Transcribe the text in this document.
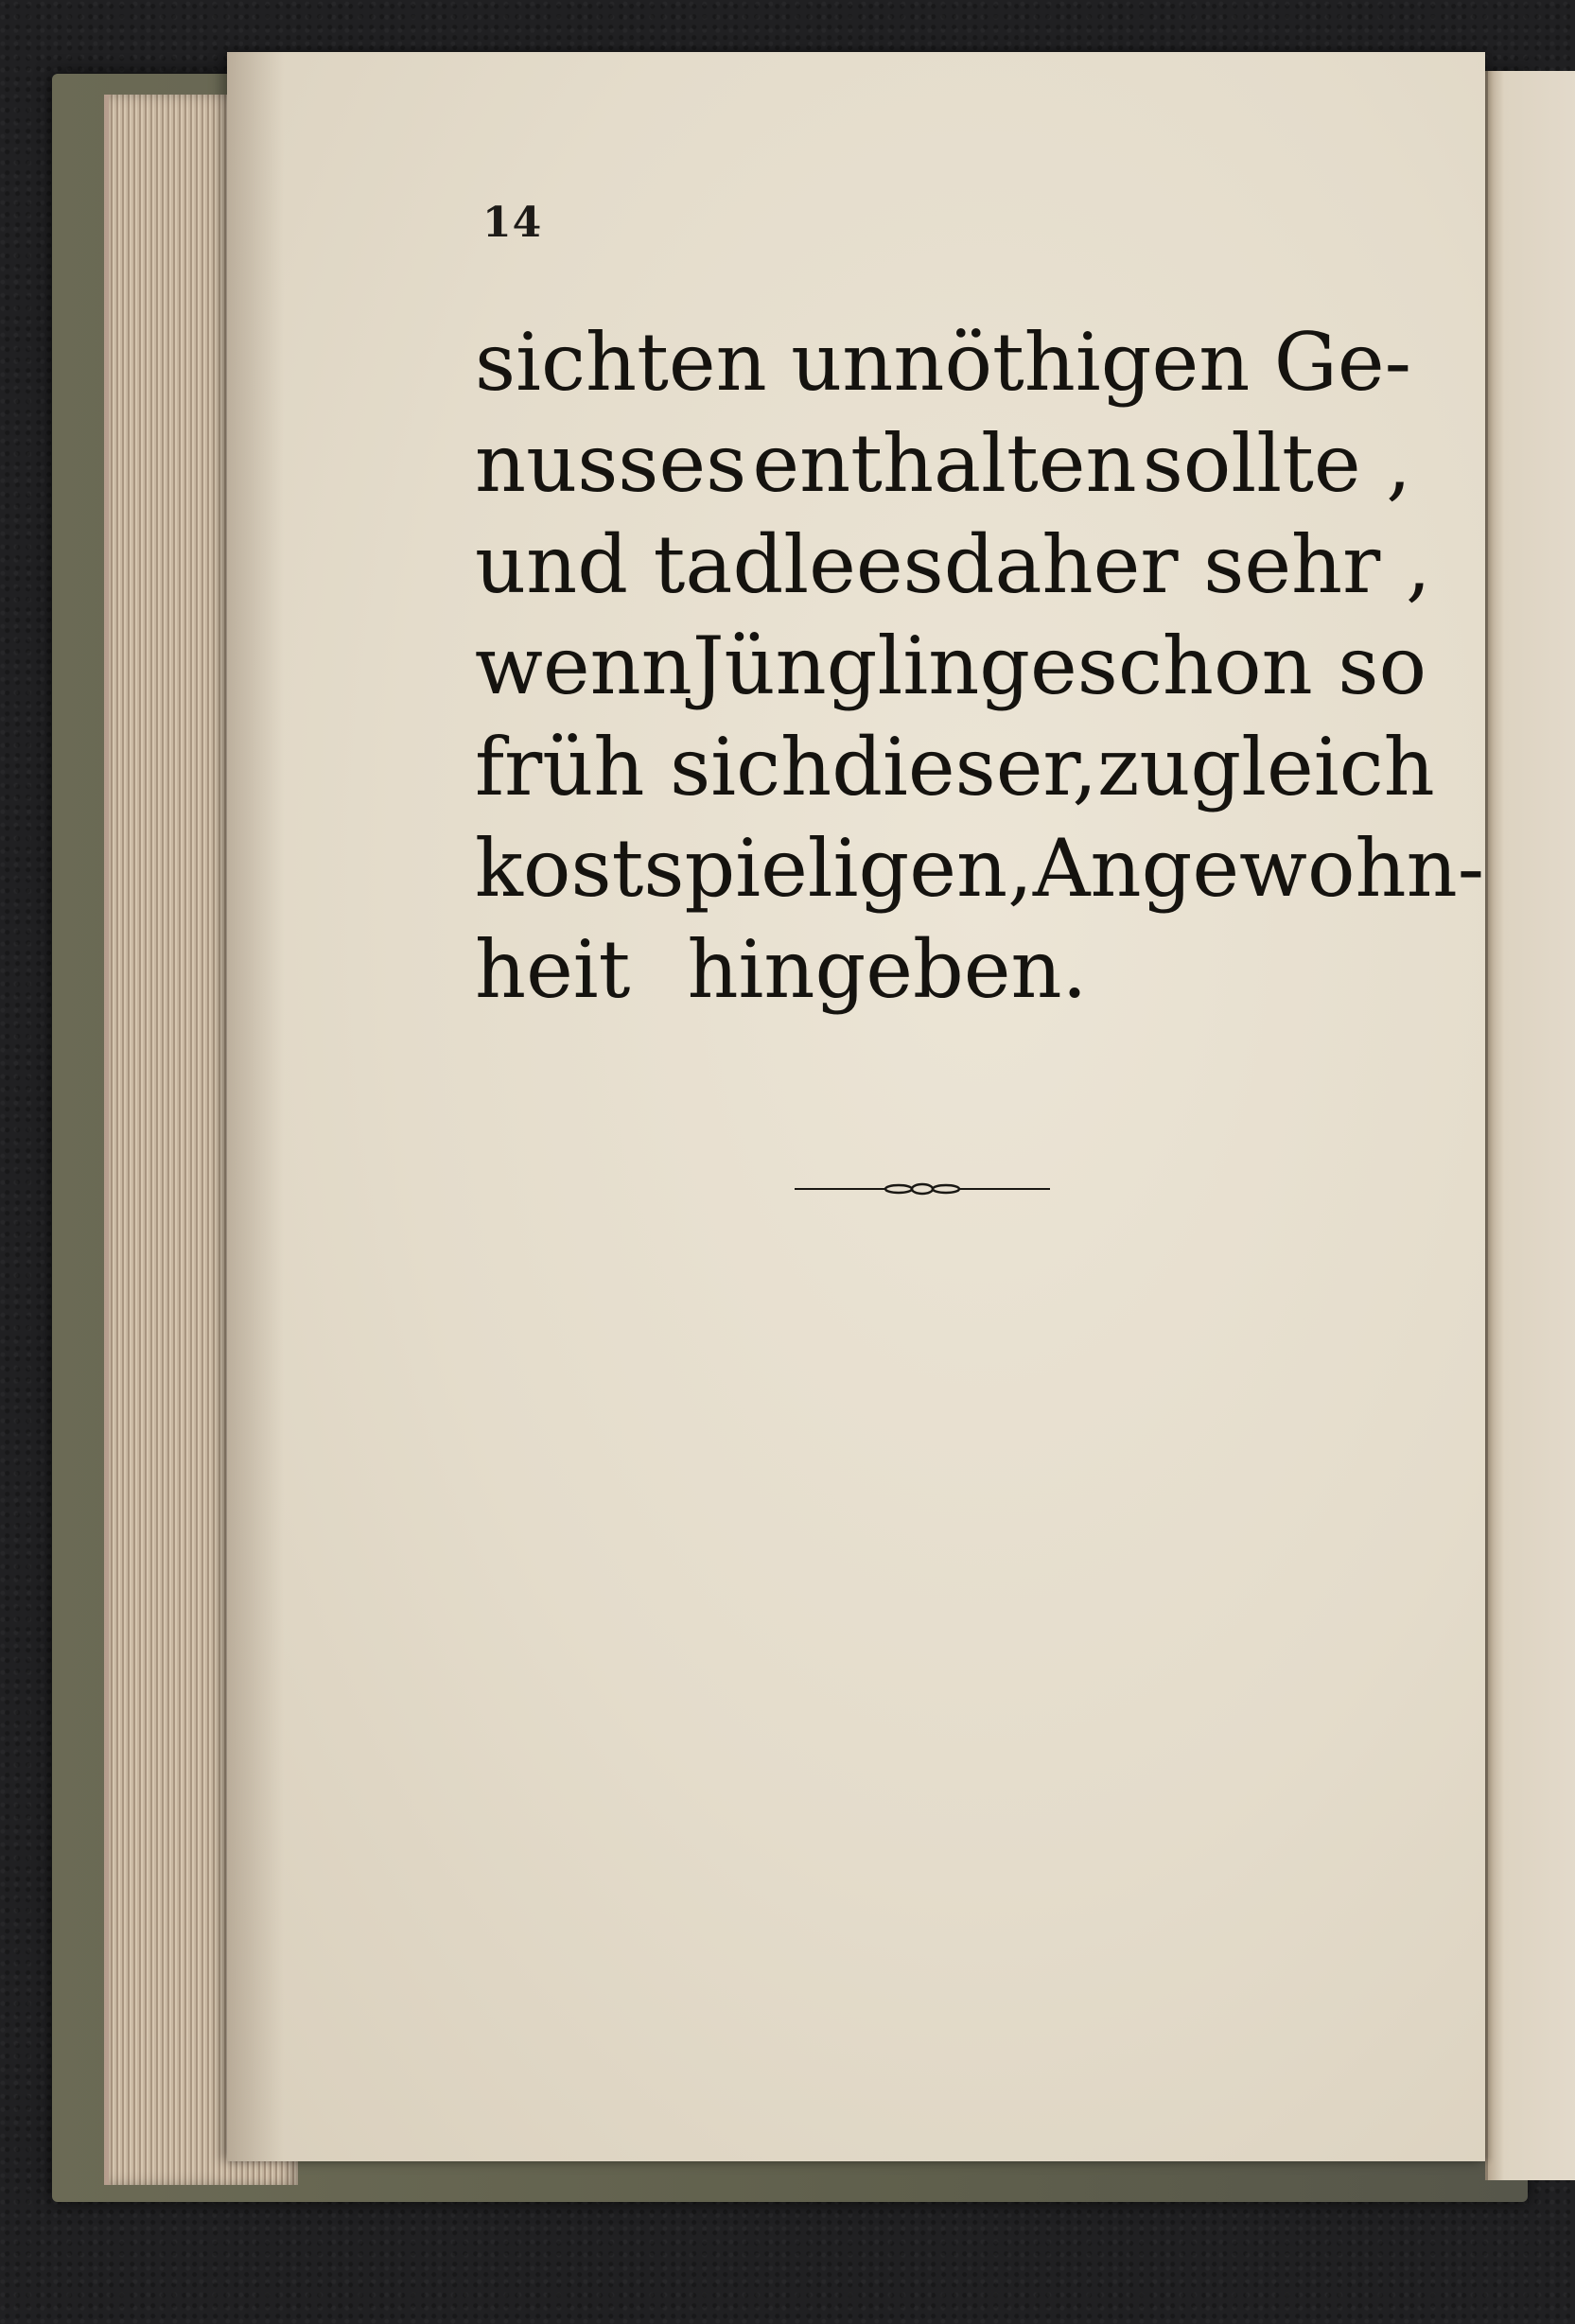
14
sichten unnöthigen Ge-
nusses enthalten sollte ,
und tadle es daher sehr ,
wenn Jünglinge schon so
früh sich dieser, zugleich
kostspieligen, Angewohn-
heit hingeben.
